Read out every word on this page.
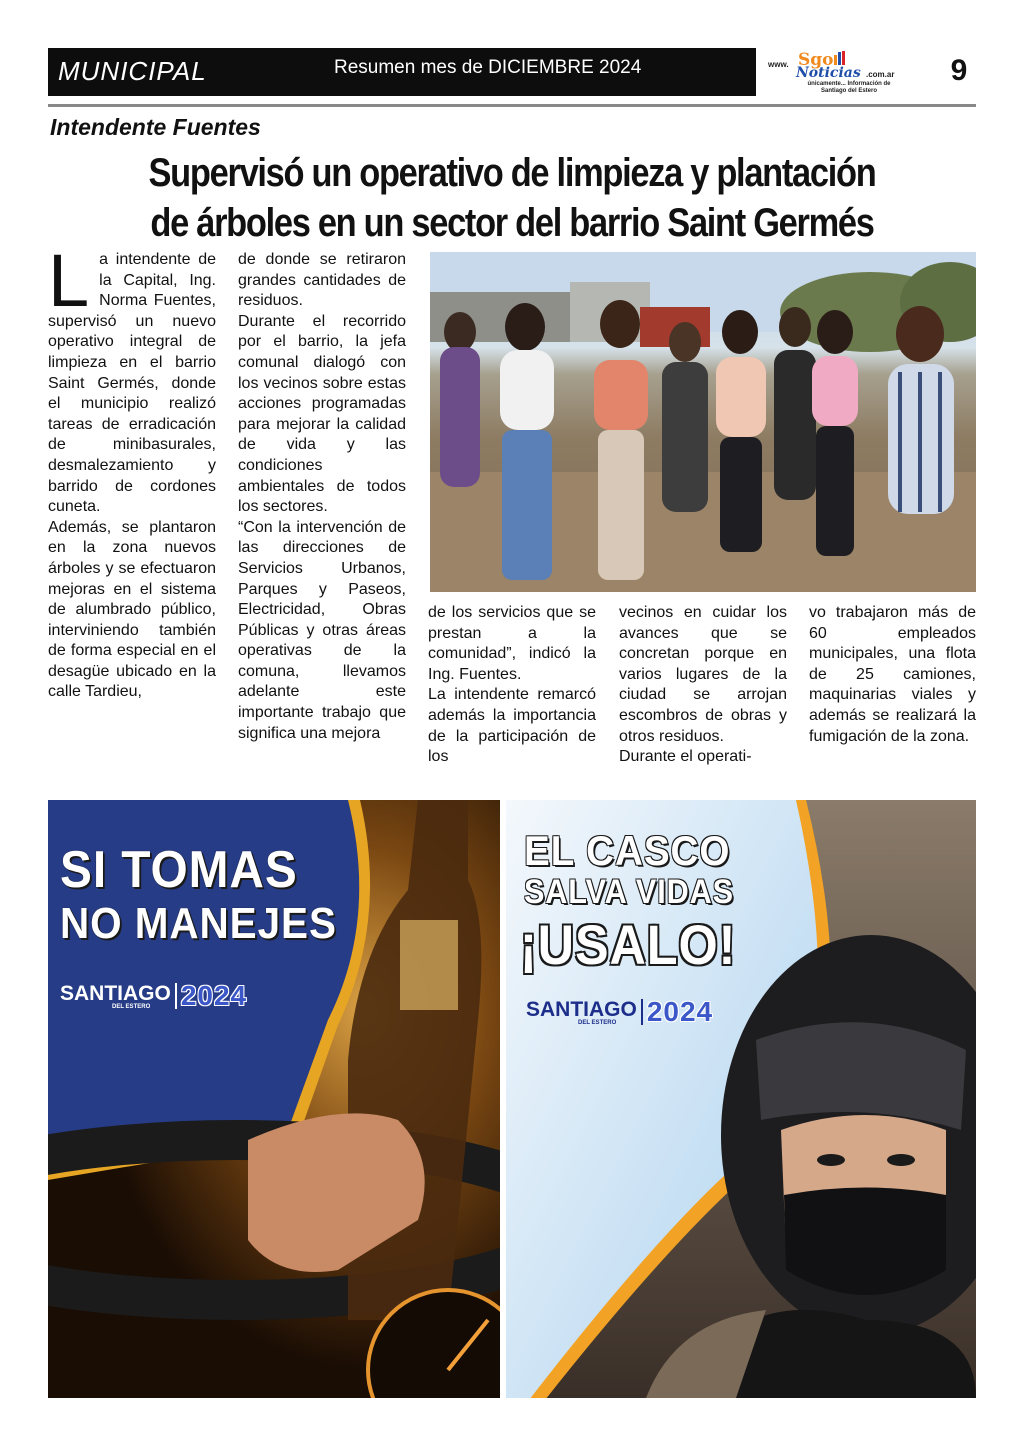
MUNICIPAL	Resumen mes de DICIEMBRE 2024	www. Sgo
Noticias .com.ar
únicamente... Información de
Santiago del Estero
9
Intendente Fuentes
Supervisó un operativo de limpieza y plantación
de árboles en un sector del barrio Saint Germés

La intendente de la Capital, Ing. Norma Fuentes, supervisó un nuevo operativo integral de limpieza en el barrio Saint Germés, donde el municipio realizó tareas de erradicación de minibasurales, desmalezamiento y barrido de cordones cuneta.

Además, se plantaron en la zona nuevos árboles y se efectuaron mejoras en el sistema de alumbrado público, interviniendo también de forma especial en el desagüe ubicado en la calle Tardieu,

de donde se retiraron grandes cantidades de residuos.

Durante el recorrido por el barrio, la jefa comunal dialogó con los vecinos sobre estas acciones programadas para mejorar la calidad de vida y las condiciones ambientales de todos los sectores.

“Con la intervención de las direcciones de Servicios Urbanos, Parques y Paseos, Electricidad, Obras Públicas y otras áreas operativas de la comuna, llevamos adelante este importante trabajo que significa una mejora

de los servicios que se prestan a la comunidad”, indicó la Ing. Fuentes.

La intendente remarcó además la importancia de la participación de los

vecinos en cuidar los avances que se concretan porque en varios lugares de la ciudad se arrojan escombros de obras y otros residuos.

Durante el operati-

vo trabajaron más de 60 empleados municipales, una flota de 25 camiones, maquinarias viales y además se realizará la fumigación de la zona.

SI TOMAS
NO MANEJES
SANTIAGO 2024
DEL ESTERO
EL CASCO
SALVA VIDAS
¡USALO!
SANTIAGO 2024
DEL ESTERO
